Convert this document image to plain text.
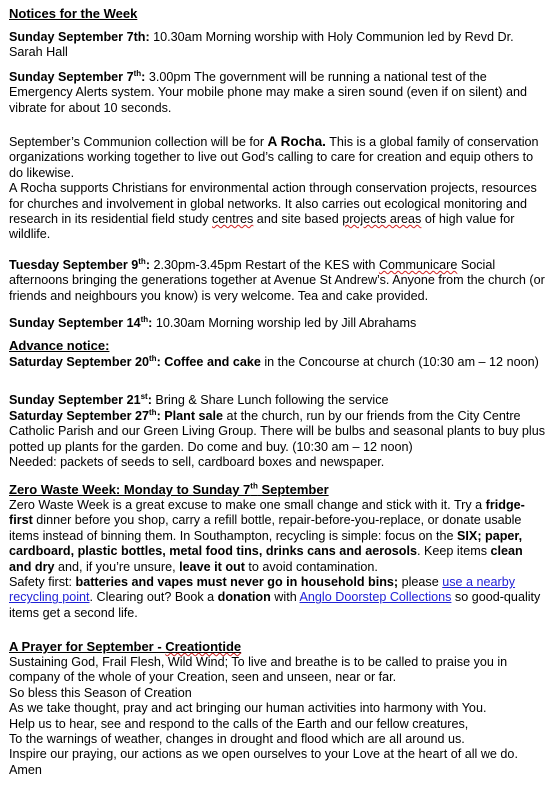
Notices for the Week
Sunday September 7th: 10.30am Morning worship with Holy Communion led by Revd Dr. Sarah Hall
Sunday September 7th: 3.00pm The government will be running a national test of the Emergency Alerts system. Your mobile phone may make a siren sound (even if on silent) and vibrate for about 10 seconds.
September’s Communion collection will be for A Rocha. This is a global family of conservation organizations working together to live out God’s calling to care for creation and equip others to do likewise.
A Rocha supports Christians for environmental action through conservation projects, resources for churches and involvement in global networks. It also carries out ecological monitoring and research in its residential field study centres and site based projects areas of high value for wildlife.
Tuesday September 9th: 2.30pm-3.45pm Restart of the KES with Communicare Social afternoons bringing the generations together at Avenue St Andrew’s. Anyone from the church (or friends and neighbours you know) is very welcome. Tea and cake provided.
Sunday September 14th: 10.30am Morning worship led by Jill Abrahams
Advance notice:
Saturday September 20th: Coffee and cake in the Concourse at church (10:30 am – 12 noon)
Sunday September 21st: Bring & Share Lunch following the service
Saturday September 27th: Plant sale at the church, run by our friends from the City Centre Catholic Parish and our Green Living Group. There will be bulbs and seasonal plants to buy plus potted up plants for the garden. Do come and buy. (10:30 am – 12 noon)
Needed: packets of seeds to sell, cardboard boxes and newspaper.
Zero Waste Week: Monday to Sunday 7th September
Zero Waste Week is a great excuse to make one small change and stick with it. Try a fridge-first dinner before you shop, carry a refill bottle, repair-before-you-replace, or donate usable items instead of binning them. In Southampton, recycling is simple: focus on the SIX; paper, cardboard, plastic bottles, metal food tins, drinks cans and aerosols. Keep items clean and dry and, if you’re unsure, leave it out to avoid contamination.
Safety first: batteries and vapes must never go in household bins; please use a nearby recycling point. Clearing out? Book a donation with Anglo Doorstep Collections so good-quality items get a second life.
A Prayer for September - Creationtide
Sustaining God, Frail Flesh, Wild Wind; To live and breathe is to be called to praise you in company of the whole of your Creation, seen and unseen, near or far.
So bless this Season of Creation
As we take thought, pray and act bringing our human activities into harmony with You.
Help us to hear, see and respond to the calls of the Earth and our fellow creatures,
To the warnings of weather, changes in drought and flood which are all around us.
Inspire our praying, our actions as we open ourselves to your Love at the heart of all we do.
Amen
